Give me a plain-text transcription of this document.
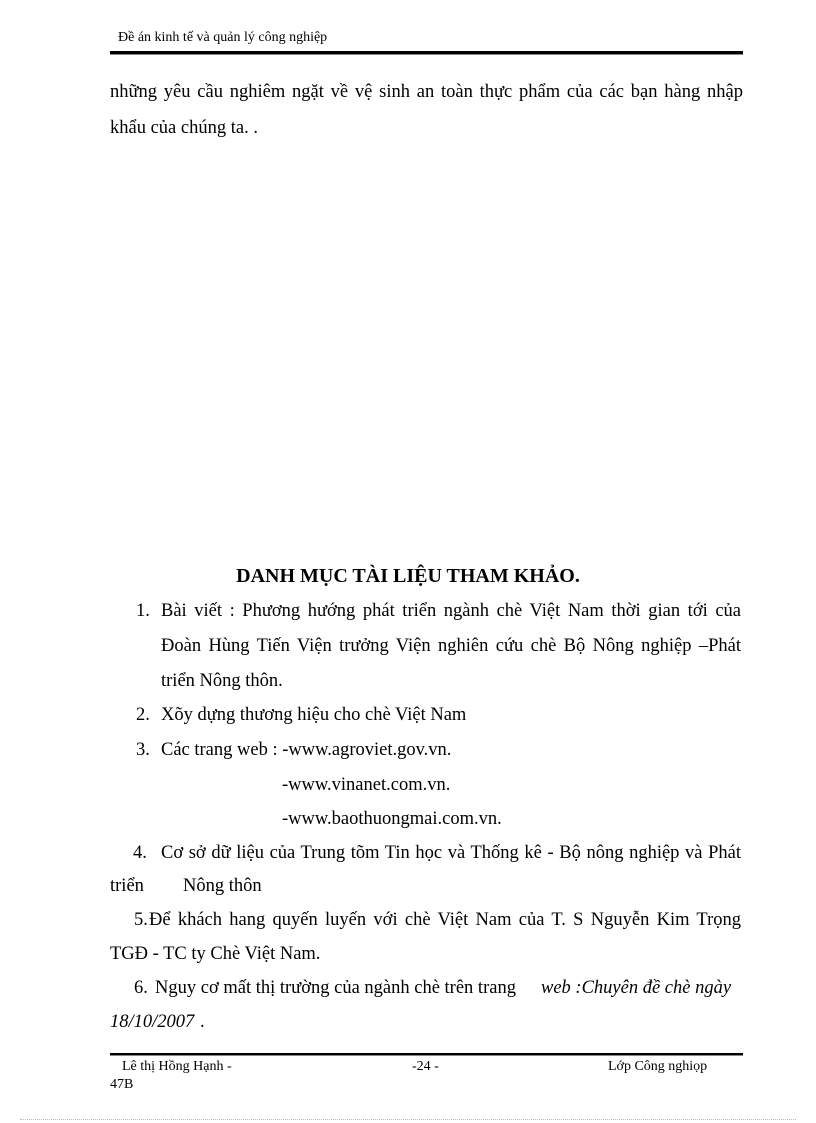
Đề án kinh tế và quản lý công nghiệp
những yêu cầu nghiêm ngặt về vệ sinh an toàn thực phẩm của các bạn hàng nhập
khẩu của chúng ta. .
DANH MỤC TÀI LIỆU THAM KHẢO.
1. Bài viết : Phương hướng phát triển ngành chè Việt Nam thời gian tới của
Đoàn Hùng Tiến Viện trưởng Viện nghiên cứu chè Bộ Nông nghiệp –Phát
triển Nông thôn.
2. Xõy dựng thương hiệu cho chè Việt Nam
3. Các trang web : -www.agroviet.gov.vn.
-www.vinanet.com.vn.
-www.baothuongmai.com.vn.
4. Cơ sở dữ liệu của Trung tõm Tin học và Thống kê - Bộ nông nghiệp và Phát
triển Nông thôn
5. Để khách hang quyến luyến với chè Việt Nam của T. S Nguyễn Kim Trọng
TGĐ - TC ty Chè Việt Nam.
6. Nguy cơ mất thị trường của ngành chè trên trang web :Chuyên đề chè ngày
18/10/2007 .
Lê thị Hồng Hạnh -
47B
-24 -	Lớp Công nghiọp
